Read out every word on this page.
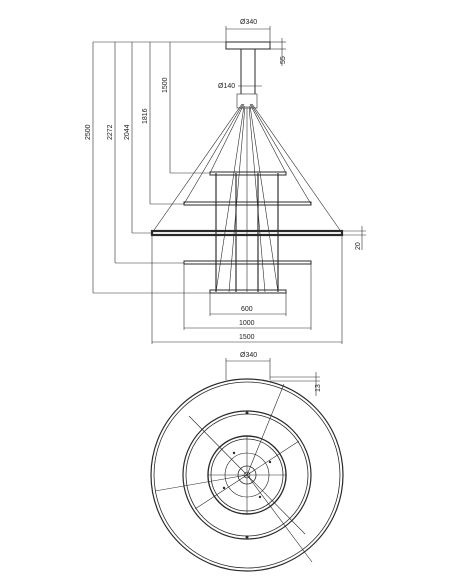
2500 2272 2044
1816
1500
Ø340
55
Ø140
20
600
1000
1500
Ø340
13
